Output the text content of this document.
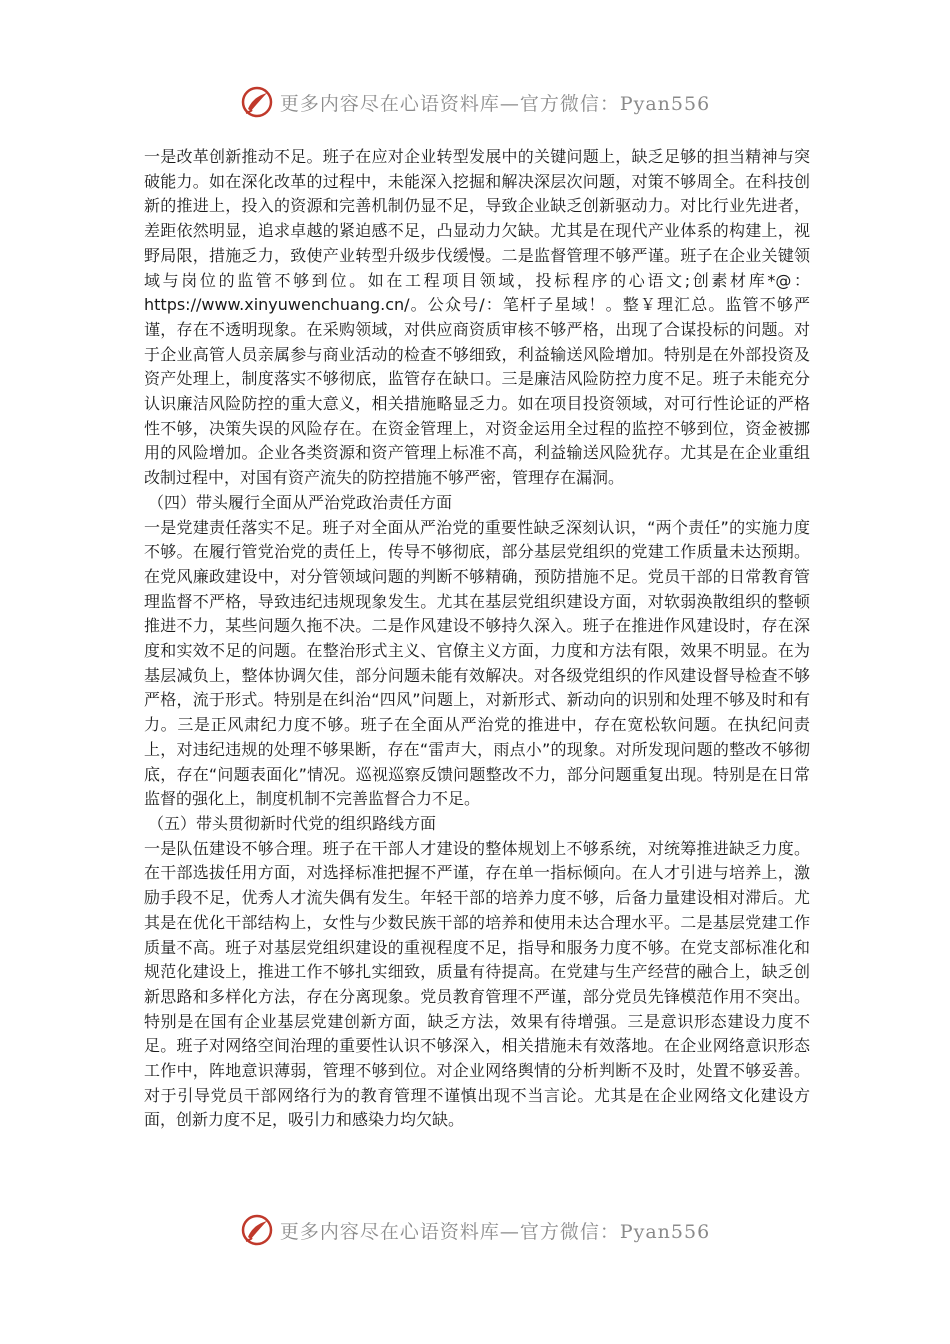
更多内容尽在心语资料库—官方微信：Pyan556

一是改革创新推动不足。班子在应对企业转型发展中的关键问题上，缺乏足够的担当精神与突破能力。如在深化改革的过程中，未能深入挖掘和解决深层次问题，对策不够周全。在科技创新的推进上，投入的资源和完善机制仍显不足，导致企业缺乏创新驱动力。对比行业先进者，差距依然明显，追求卓越的紧迫感不足，凸显动力欠缺。尤其是在现代产业体系的构建上，视野局限，措施乏力，致使产业转型升级步伐缓慢。二是监督管理不够严谨。班子在企业关键领域与岗位的监管不够到位。如在工程项目领域，投标程序的心语文;创素材库*@：https://www.xinyuwenchuang.cn/。公众号/：笔杆子星域！。整￥理汇总。监管不够严谨，存在不透明现象。在采购领域，对供应商资质审核不够严格，出现了合谋投标的问题。对于企业高管人员亲属参与商业活动的检查不够细致，利益输送风险增加。特别是在外部投资及资产处理上，制度落实不够彻底，监管存在缺口。三是廉洁风险防控力度不足。班子未能充分认识廉洁风险防控的重大意义，相关措施略显乏力。如在项目投资领域，对可行性论证的严格性不够，决策失误的风险存在。在资金管理上，对资金运用全过程的监控不够到位，资金被挪用的风险增加。企业各类资源和资产管理上标准不高，利益输送风险犹存。尤其是在企业重组改制过程中，对国有资产流失的防控措施不够严密，管理存在漏洞。

（四）带头履行全面从严治党政治责任方面

一是党建责任落实不足。班子对全面从严治党的重要性缺乏深刻认识，“两个责任”的实施力度不够。在履行管党治党的责任上，传导不够彻底，部分基层党组织的党建工作质量未达预期。在党风廉政建设中，对分管领域问题的判断不够精确，预防措施不足。党员干部的日常教育管理监督不严格，导致违纪违规现象发生。尤其在基层党组织建设方面，对软弱涣散组织的整顿推进不力，某些问题久拖不决。二是作风建设不够持久深入。班子在推进作风建设时，存在深度和实效不足的问题。在整治形式主义、官僚主义方面，力度和方法有限，效果不明显。在为基层减负上，整体协调欠佳，部分问题未能有效解决。对各级党组织的作风建设督导检查不够严格，流于形式。特别是在纠治“四风”问题上，对新形式、新动向的识别和处理不够及时和有力。三是正风肃纪力度不够。班子在全面从严治党的推进中，存在宽松软问题。在执纪问责上，对违纪违规的处理不够果断，存在“雷声大，雨点小”的现象。对所发现问题的整改不够彻底，存在“问题表面化”情况。巡视巡察反馈问题整改不力，部分问题重复出现。特别是在日常监督的强化上，制度机制不完善监督合力不足。

（五）带头贯彻新时代党的组织路线方面

一是队伍建设不够合理。班子在干部人才建设的整体规划上不够系统，对统筹推进缺乏力度。在干部选拔任用方面，对选择标准把握不严谨，存在单一指标倾向。在人才引进与培养上，激励手段不足，优秀人才流失偶有发生。年轻干部的培养力度不够，后备力量建设相对滞后。尤其是在优化干部结构上，女性与少数民族干部的培养和使用未达合理水平。二是基层党建工作质量不高。班子对基层党组织建设的重视程度不足，指导和服务力度不够。在党支部标准化和规范化建设上，推进工作不够扎实细致，质量有待提高。在党建与生产经营的融合上，缺乏创新思路和多样化方法，存在分离现象。党员教育管理不严谨，部分党员先锋模范作用不突出。特别是在国有企业基层党建创新方面，缺乏方法，效果有待增强。三是意识形态建设力度不足。班子对网络空间治理的重要性认识不够深入，相关措施未有效落地。在企业网络意识形态工作中，阵地意识薄弱，管理不够到位。对企业网络舆情的分析判断不及时，处置不够妥善。对于引导党员干部网络行为的教育管理不谨慎出现不当言论。尤其是在企业网络文化建设方面，创新力度不足，吸引力和感染力均欠缺。

更多内容尽在心语资料库—官方微信：Pyan556
